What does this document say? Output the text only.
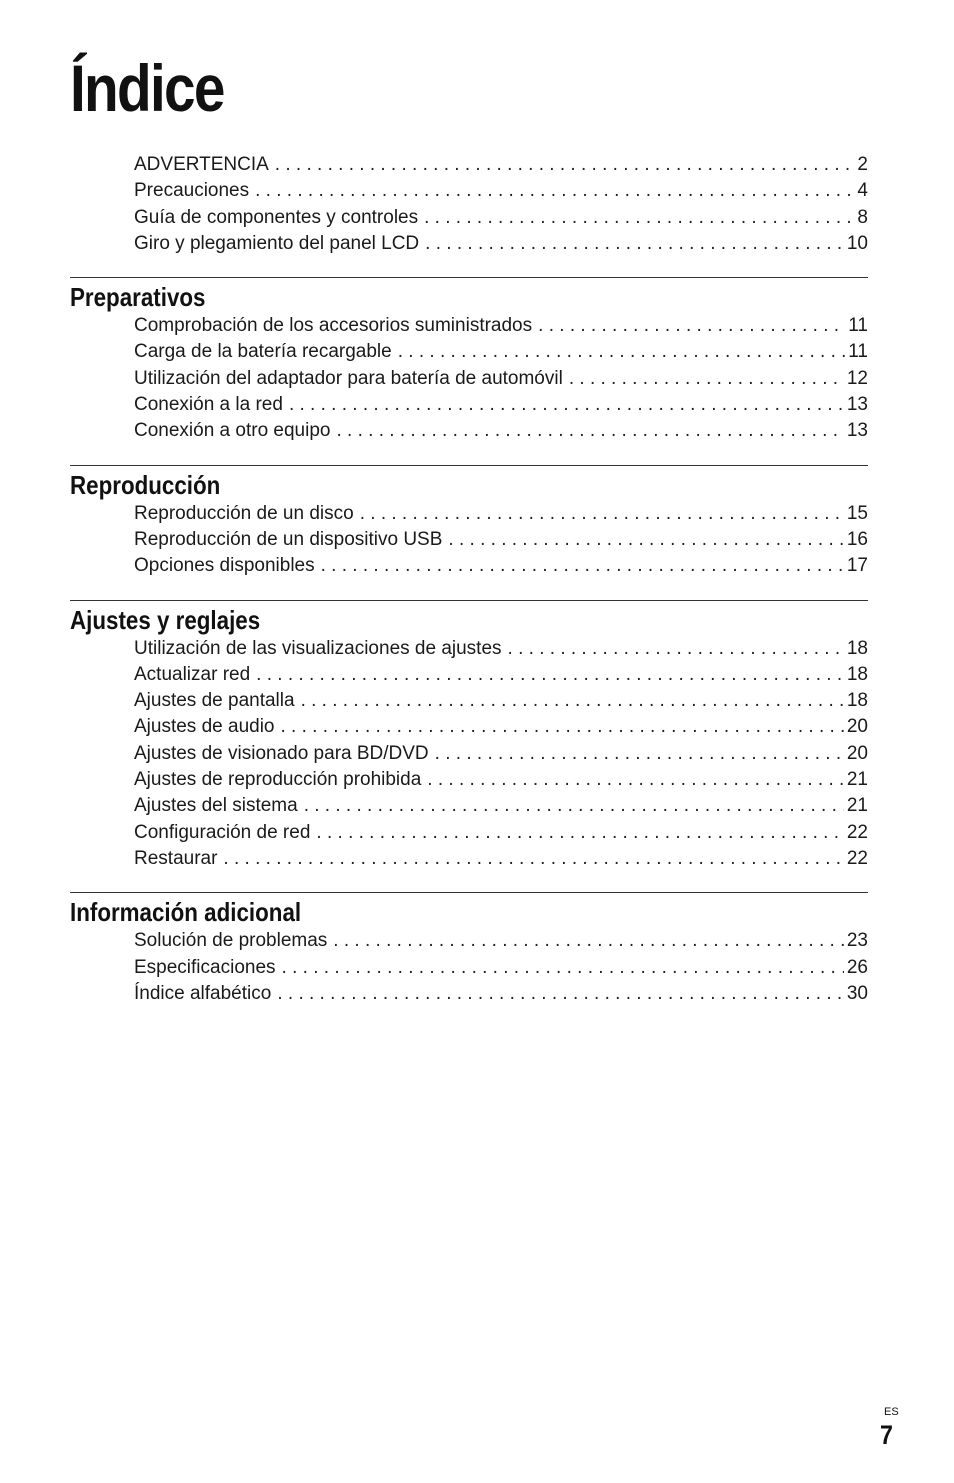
Índice
ADVERTENCIA . . .	2
Precauciones . . .	4
Guía de componentes y controles . . .	8
Giro y plegamiento del panel LCD . . .	10
Preparativos
Comprobación de los accesorios suministrados . . .	11
Carga de la batería recargable . . .	11
Utilización del adaptador para batería de automóvil . . .	12
Conexión a la red . . .	13
Conexión a otro equipo . . .	13
Reproducción
Reproducción de un disco . . .	15
Reproducción de un dispositivo USB . . .	16
Opciones disponibles . . .	17
Ajustes y reglajes
Utilización de las visualizaciones de ajustes . . .	18
Actualizar red . . .	18
Ajustes de pantalla . . .	18
Ajustes de audio . . .	20
Ajustes de visionado para BD/DVD . . .	20
Ajustes de reproducción prohibida . . .	21
Ajustes del sistema . . .	21
Configuración de red . . .	22
Restaurar . . .	22
Información adicional
Solución de problemas . . .	23
Especificaciones . . .	26
Índice alfabético . . .	30
ES
7
